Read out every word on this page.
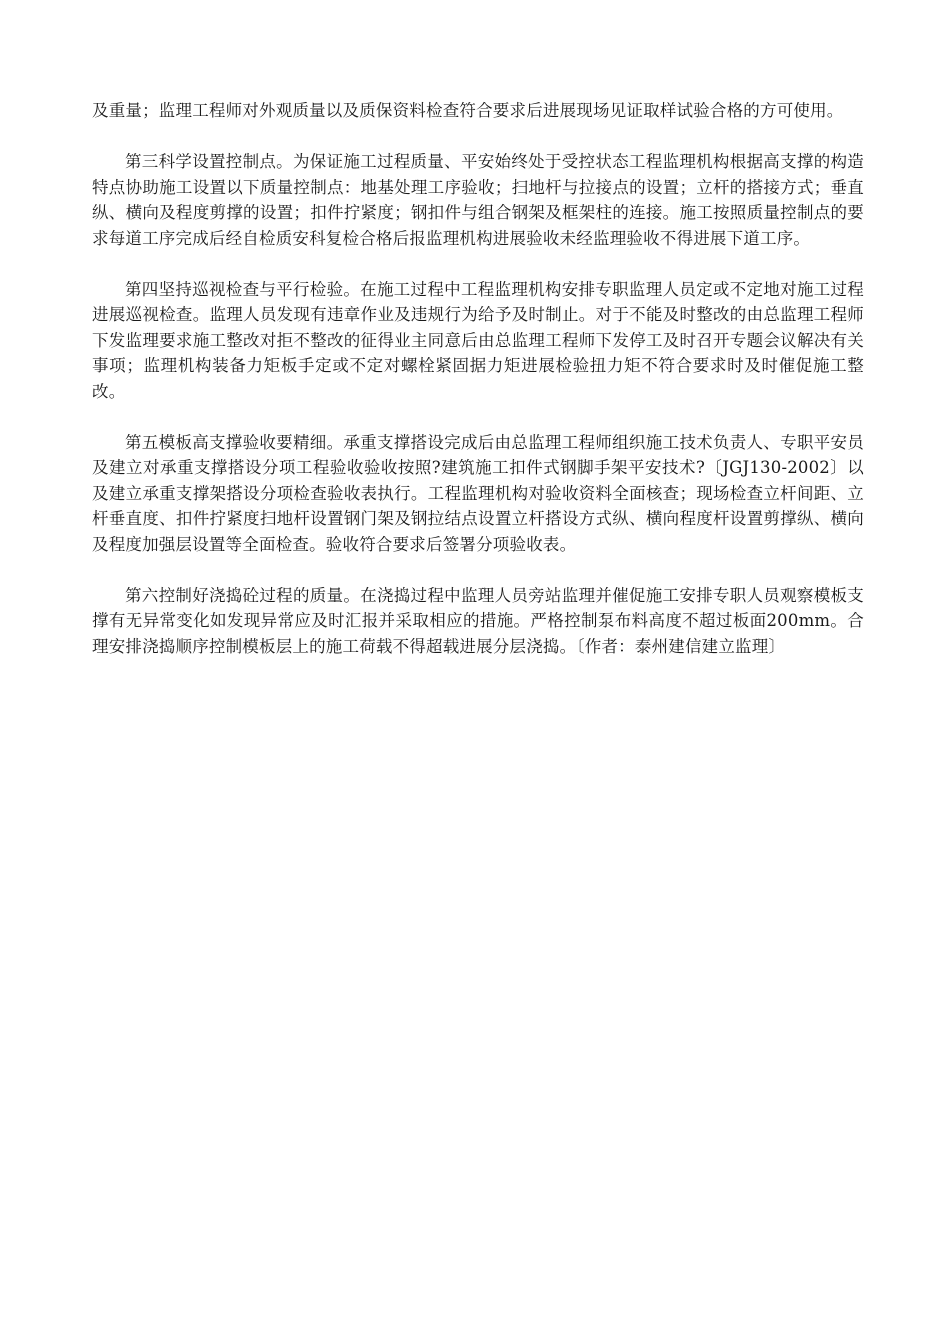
及重量；监理工程师对外观质量以及质保资料检查符合要求后进展现场见证取样试验合格的方可使用。

第三科学设置控制点。为保证施工过程质量、平安始终处于受控状态工程监理机构根据高支撑的构造特点协助施工设置以下质量控制点：地基处理工序验收；扫地杆与拉接点的设置；立杆的搭接方式；垂直纵、横向及程度剪撑的设置；扣件拧紧度；钢扣件与组合钢架及框架柱的连接。施工按照质量控制点的要求每道工序完成后经自检质安科复检合格后报监理机构进展验收未经监理验收不得进展下道工序。

第四坚持巡视检查与平行检验。在施工过程中工程监理机构安排专职监理人员定或不定地对施工过程进展巡视检查。监理人员发现有违章作业及违规行为给予及时制止。对于不能及时整改的由总监理工程师下发监理要求施工整改对拒不整改的征得业主同意后由总监理工程师下发停工及时召开专题会议解决有关事项；监理机构装备力矩板手定或不定对螺栓紧固据力矩进展检验扭力矩不符合要求时及时催促施工整改。

第五模板高支撑验收要精细。承重支撑搭设完成后由总监理工程师组织施工技术负责人、专职平安员及建立对承重支撑搭设分项工程验收验收按照?建筑施工扣件式钢脚手架平安技术?〔JGJ130-2002〕以及建立承重支撑架搭设分项检查验收表执行。工程监理机构对验收资料全面核查；现场检查立杆间距、立杆垂直度、扣件拧紧度扫地杆设置钢门架及钢拉结点设置立杆搭设方式纵、横向程度杆设置剪撑纵、横向及程度加强层设置等全面检查。验收符合要求后签署分项验收表。

第六控制好浇捣砼过程的质量。在浇捣过程中监理人员旁站监理并催促施工安排专职人员观察模板支撑有无异常变化如发现异常应及时汇报并采取相应的措施。严格控制泵布料高度不超过板面200mm。合理安排浇捣顺序控制模板层上的施工荷载不得超载进展分层浇捣。〔作者：泰州建信建立监理〕
